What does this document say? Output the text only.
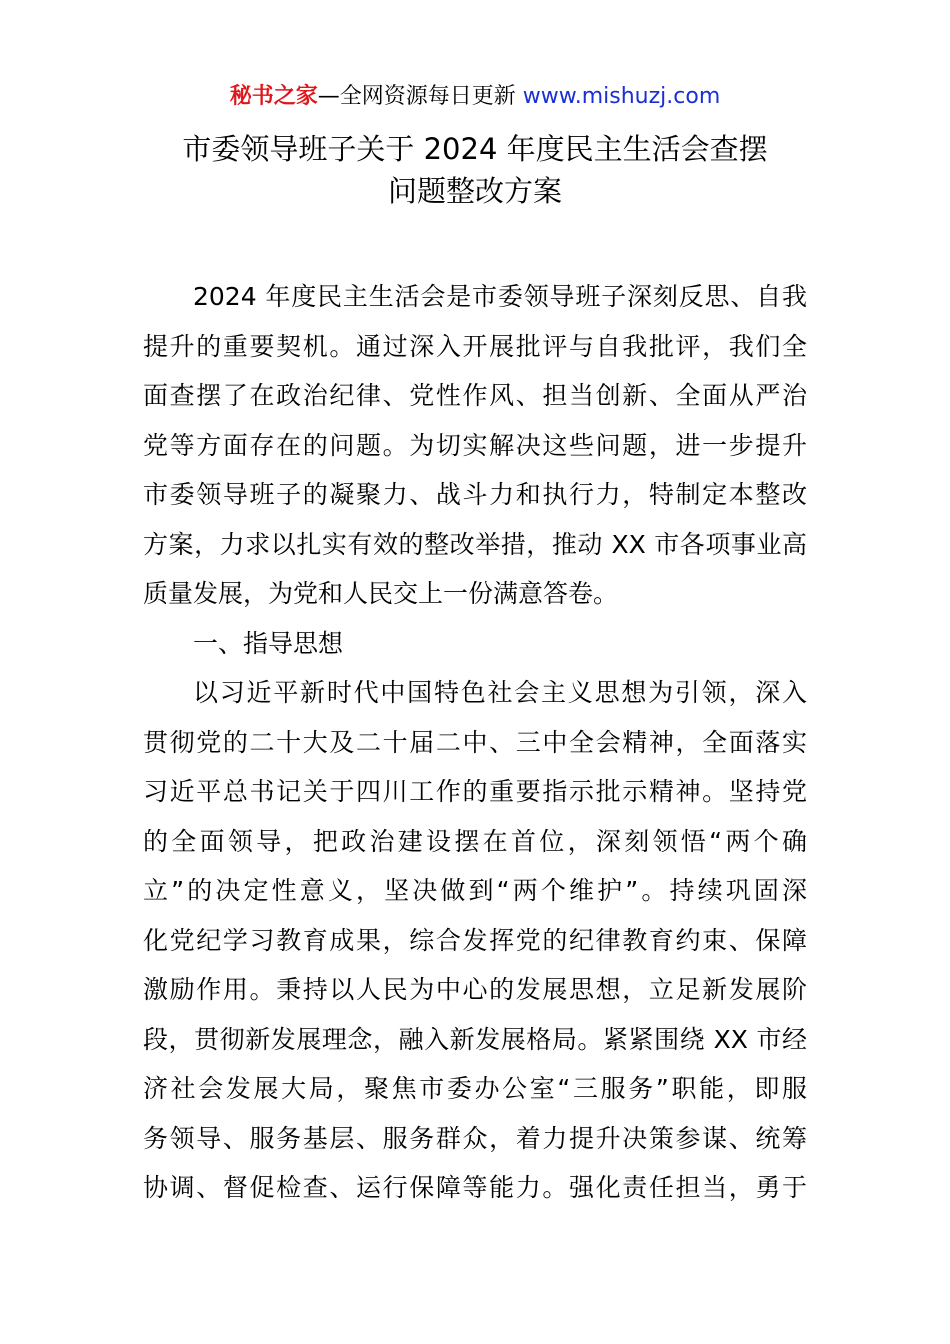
秘书之家—全网资源每日更新 www.mishuzj.com
市委领导班子关于 2024 年度民主生活会查摆
问题整改方案
2024 年度民主生活会是市委领导班子深刻反思、自我
提升的重要契机。通过深入开展批评与自我批评，我们全
面查摆了在政治纪律、党性作风、担当创新、全面从严治
党等方面存在的问题。为切实解决这些问题，进一步提升
市委领导班子的凝聚力、战斗力和执行力，特制定本整改
方案，力求以扎实有效的整改举措，推动 XX 市各项事业高
质量发展，为党和人民交上一份满意答卷。
一、指导思想
以习近平新时代中国特色社会主义思想为引领，深入
贯彻党的二十大及二十届二中、三中全会精神，全面落实
习近平总书记关于四川工作的重要指示批示精神。坚持党
的全面领导，把政治建设摆在首位，深刻领悟“两个确
立”的决定性意义，坚决做到“两个维护”。持续巩固深
化党纪学习教育成果，综合发挥党的纪律教育约束、保障
激励作用。秉持以人民为中心的发展思想，立足新发展阶
段，贯彻新发展理念，融入新发展格局。紧紧围绕 XX 市经
济社会发展大局，聚焦市委办公室“三服务”职能，即服
务领导、服务基层、服务群众，着力提升决策参谋、统筹
协调、督促检查、运行保障等能力。强化责任担当，勇于
